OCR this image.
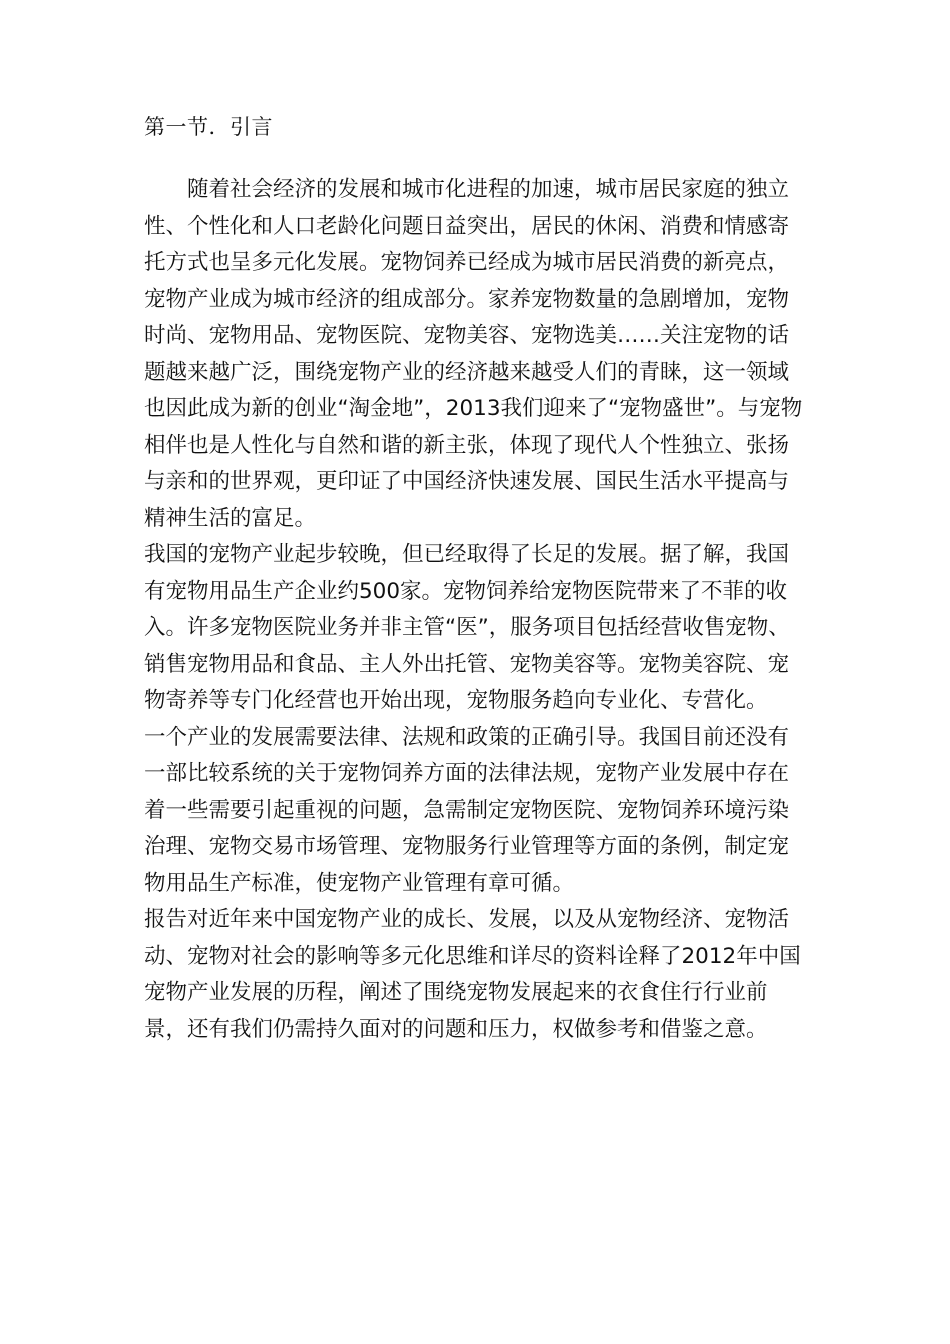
第一节．引言

随着社会经济的发展和城市化进程的加速，城市居民家庭的独立性、个性化和人口老龄化问题日益突出，居民的休闲、消费和情感寄托方式也呈多元化发展。宠物饲养已经成为城市居民消费的新亮点，宠物产业成为城市经济的组成部分。家养宠物数量的急剧增加，宠物时尚、宠物用品、宠物医院、宠物美容、宠物选美……关注宠物的话题越来越广泛，围绕宠物产业的经济越来越受人们的青睐，这一领域也因此成为新的创业“淘金地”，2013我们迎来了“宠物盛世”。与宠物相伴也是人性化与自然和谐的新主张，体现了现代人个性独立、张扬与亲和的世界观，更印证了中国经济快速发展、国民生活水平提高与精神生活的富足。

我国的宠物产业起步较晚，但已经取得了长足的发展。据了解，我国有宠物用品生产企业约500家。宠物饲养给宠物医院带来了不菲的收入。许多宠物医院业务并非主管“医”，服务项目包括经营收售宠物、销售宠物用品和食品、主人外出托管、宠物美容等。宠物美容院、宠物寄养等专门化经营也开始出现，宠物服务趋向专业化、专营化。

一个产业的发展需要法律、法规和政策的正确引导。我国目前还没有一部比较系统的关于宠物饲养方面的法律法规，宠物产业发展中存在着一些需要引起重视的问题，急需制定宠物医院、宠物饲养环境污染治理、宠物交易市场管理、宠物服务行业管理等方面的条例，制定宠物用品生产标准，使宠物产业管理有章可循。

报告对近年来中国宠物产业的成长、发展，以及从宠物经济、宠物活动、宠物对社会的影响等多元化思维和详尽的资料诠释了2012年中国宠物产业发展的历程，阐述了围绕宠物发展起来的衣食住行行业前景，还有我们仍需持久面对的问题和压力，权做参考和借鉴之意。
